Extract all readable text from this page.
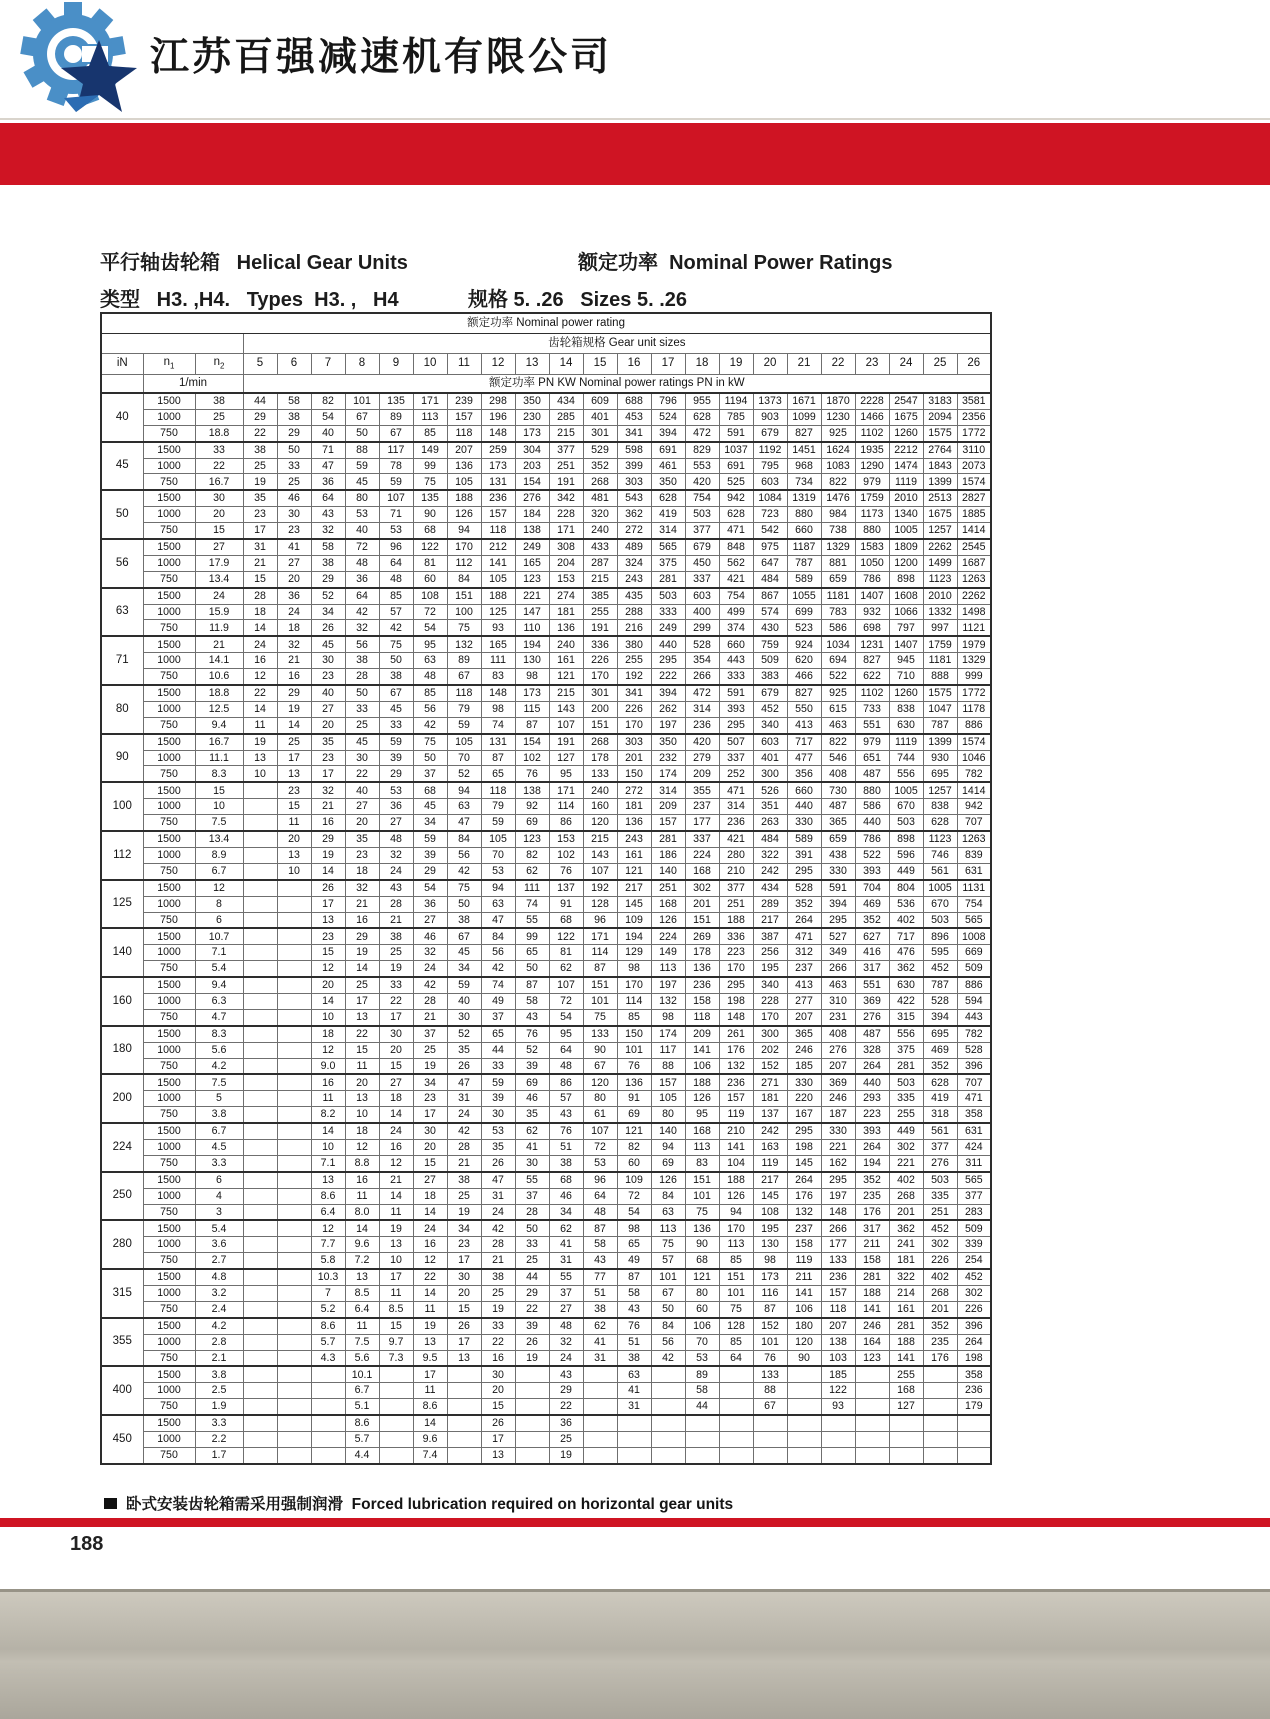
江苏百强减速机有限公司
平行轴齿轮箱   Helical Gear Units	额定功率  Nominal Power Ratings
类型   H3. ,H4.   Types  H3. ,   H4	规格 5. .26   Sizes 5. .26
额定功率 Nominal power rating																								
			齿轮箱规格 Gear unit sizes																					
iN	$n_1$	$n_2$	5	6	7	8	9	10	11	12	13	14	15	16	17	18	19	20	21	22	23	24	25	26
	1/min		额定功率 PN KW Nominal power ratings PN in kW																					
40	1500	38	44	58	82	101	135	171	239	298	350	434	609	688	796	955	1194	1373	1671	1870	2228	2547	3183	3581
	1000	25	29	38	54	67	89	113	157	196	230	285	401	453	524	628	785	903	1099	1230	1466	1675	2094	2356
	750	18.8	22	29	40	50	67	85	118	148	173	215	301	341	394	472	591	679	827	925	1102	1260	1575	1772
45	1500	33	38	50	71	88	117	149	207	259	304	377	529	598	691	829	1037	1192	1451	1624	1935	2212	2764	3110
	1000	22	25	33	47	59	78	99	136	173	203	251	352	399	461	553	691	795	968	1083	1290	1474	1843	2073
	750	16.7	19	25	36	45	59	75	105	131	154	191	268	303	350	420	525	603	734	822	979	1119	1399	1574
50	1500	30	35	46	64	80	107	135	188	236	276	342	481	543	628	754	942	1084	1319	1476	1759	2010	2513	2827
	1000	20	23	30	43	53	71	90	126	157	184	228	320	362	419	503	628	723	880	984	1173	1340	1675	1885
	750	15	17	23	32	40	53	68	94	118	138	171	240	272	314	377	471	542	660	738	880	1005	1257	1414
56	1500	27	31	41	58	72	96	122	170	212	249	308	433	489	565	679	848	975	1187	1329	1583	1809	2262	2545
	1000	17.9	21	27	38	48	64	81	112	141	165	204	287	324	375	450	562	647	787	881	1050	1200	1499	1687
	750	13.4	15	20	29	36	48	60	84	105	123	153	215	243	281	337	421	484	589	659	786	898	1123	1263
63	1500	24	28	36	52	64	85	108	151	188	221	274	385	435	503	603	754	867	1055	1181	1407	1608	2010	2262
	1000	15.9	18	24	34	42	57	72	100	125	147	181	255	288	333	400	499	574	699	783	932	1066	1332	1498
	750	11.9	14	18	26	32	42	54	75	93	110	136	191	216	249	299	374	430	523	586	698	797	997	1121
71	1500	21	24	32	45	56	75	95	132	165	194	240	336	380	440	528	660	759	924	1034	1231	1407	1759	1979
	1000	14.1	16	21	30	38	50	63	89	111	130	161	226	255	295	354	443	509	620	694	827	945	1181	1329
	750	10.6	12	16	23	28	38	48	67	83	98	121	170	192	222	266	333	383	466	522	622	710	888	999
80	1500	18.8	22	29	40	50	67	85	118	148	173	215	301	341	394	472	591	679	827	925	1102	1260	1575	1772
	1000	12.5	14	19	27	33	45	56	79	98	115	143	200	226	262	314	393	452	550	615	733	838	1047	1178
	750	9.4	11	14	20	25	33	42	59	74	87	107	151	170	197	236	295	340	413	463	551	630	787	886
90	1500	16.7	19	25	35	45	59	75	105	131	154	191	268	303	350	420	507	603	717	822	979	1119	1399	1574
	1000	11.1	13	17	23	30	39	50	70	87	102	127	178	201	232	279	337	401	477	546	651	744	930	1046
	750	8.3	10	13	17	22	29	37	52	65	76	95	133	150	174	209	252	300	356	408	487	556	695	782
100	1500	15		23	32	40	53	68	94	118	138	171	240	272	314	355	471	526	660	730	880	1005	1257	1414
	1000	10		15	21	27	36	45	63	79	92	114	160	181	209	237	314	351	440	487	586	670	838	942
	750	7.5		11	16	20	27	34	47	59	69	86	120	136	157	177	236	263	330	365	440	503	628	707
112	1500	13.4		20	29	35	48	59	84	105	123	153	215	243	281	337	421	484	589	659	786	898	1123	1263
	1000	8.9		13	19	23	32	39	56	70	82	102	143	161	186	224	280	322	391	438	522	596	746	839
	750	6.7		10	14	18	24	29	42	53	62	76	107	121	140	168	210	242	295	330	393	449	561	631
125	1500	12			26	32	43	54	75	94	111	137	192	217	251	302	377	434	528	591	704	804	1005	1131
	1000	8			17	21	28	36	50	63	74	91	128	145	168	201	251	289	352	394	469	536	670	754
	750	6			13	16	21	27	38	47	55	68	96	109	126	151	188	217	264	295	352	402	503	565
140	1500	10.7			23	29	38	46	67	84	99	122	171	194	224	269	336	387	471	527	627	717	896	1008
	1000	7.1			15	19	25	32	45	56	65	81	114	129	149	178	223	256	312	349	416	476	595	669
	750	5.4			12	14	19	24	34	42	50	62	87	98	113	136	170	195	237	266	317	362	452	509
160	1500	9.4			20	25	33	42	59	74	87	107	151	170	197	236	295	340	413	463	551	630	787	886
	1000	6.3			14	17	22	28	40	49	58	72	101	114	132	158	198	228	277	310	369	422	528	594
	750	4.7			10	13	17	21	30	37	43	54	75	85	98	118	148	170	207	231	276	315	394	443
180	1500	8.3			18	22	30	37	52	65	76	95	133	150	174	209	261	300	365	408	487	556	695	782
	1000	5.6			12	15	20	25	35	44	52	64	90	101	117	141	176	202	246	276	328	375	469	528
	750	4.2			9.0	11	15	19	26	33	39	48	67	76	88	106	132	152	185	207	264	281	352	396
200	1500	7.5			16	20	27	34	47	59	69	86	120	136	157	188	236	271	330	369	440	503	628	707
	1000	5			11	13	18	23	31	39	46	57	80	91	105	126	157	181	220	246	293	335	419	471
	750	3.8			8.2	10	14	17	24	30	35	43	61	69	80	95	119	137	167	187	223	255	318	358
224	1500	6.7			14	18	24	30	42	53	62	76	107	121	140	168	210	242	295	330	393	449	561	631
	1000	4.5			10	12	16	20	28	35	41	51	72	82	94	113	141	163	198	221	264	302	377	424
	750	3.3			7.1	8.8	12	15	21	26	30	38	53	60	69	83	104	119	145	162	194	221	276	311
250	1500	6			13	16	21	27	38	47	55	68	96	109	126	151	188	217	264	295	352	402	503	565
	1000	4			8.6	11	14	18	25	31	37	46	64	72	84	101	126	145	176	197	235	268	335	377
	750	3			6.4	8.0	11	14	19	24	28	34	48	54	63	75	94	108	132	148	176	201	251	283
280	1500	5.4			12	14	19	24	34	42	50	62	87	98	113	136	170	195	237	266	317	362	452	509
	1000	3.6			7.7	9.6	13	16	23	28	33	41	58	65	75	90	113	130	158	177	211	241	302	339
	750	2.7			5.8	7.2	10	12	17	21	25	31	43	49	57	68	85	98	119	133	158	181	226	254
315	1500	4.8			10.3	13	17	22	30	38	44	55	77	87	101	121	151	173	211	236	281	322	402	452
	1000	3.2			7	8.5	11	14	20	25	29	37	51	58	67	80	101	116	141	157	188	214	268	302
	750	2.4			5.2	6.4	8.5	11	15	19	22	27	38	43	50	60	75	87	106	118	141	161	201	226
355	1500	4.2			8.6	11	15	19	26	33	39	48	62	76	84	106	128	152	180	207	246	281	352	396
	1000	2.8			5.7	7.5	9.7	13	17	22	26	32	41	51	56	70	85	101	120	138	164	188	235	264
	750	2.1			4.3	5.6	7.3	9.5	13	16	19	24	31	38	42	53	64	76	90	103	123	141	176	198
400	1500	3.8				10.1		17		30		43		63		89		133		185		255		358
	1000	2.5				6.7		11		20		29		41		58		88		122		168		236
	750	1.9				5.1		8.6		15		22		31		44		67		93		127		179
450	1500	3.3				8.6		14		26		36												
	1000	2.2				5.7		9.6		17		25												
	750	1.7				4.4		7.4		13		19												
卧式安装齿轮箱需采用强制润滑 Forced lubrication required on horizontal gear units
188
